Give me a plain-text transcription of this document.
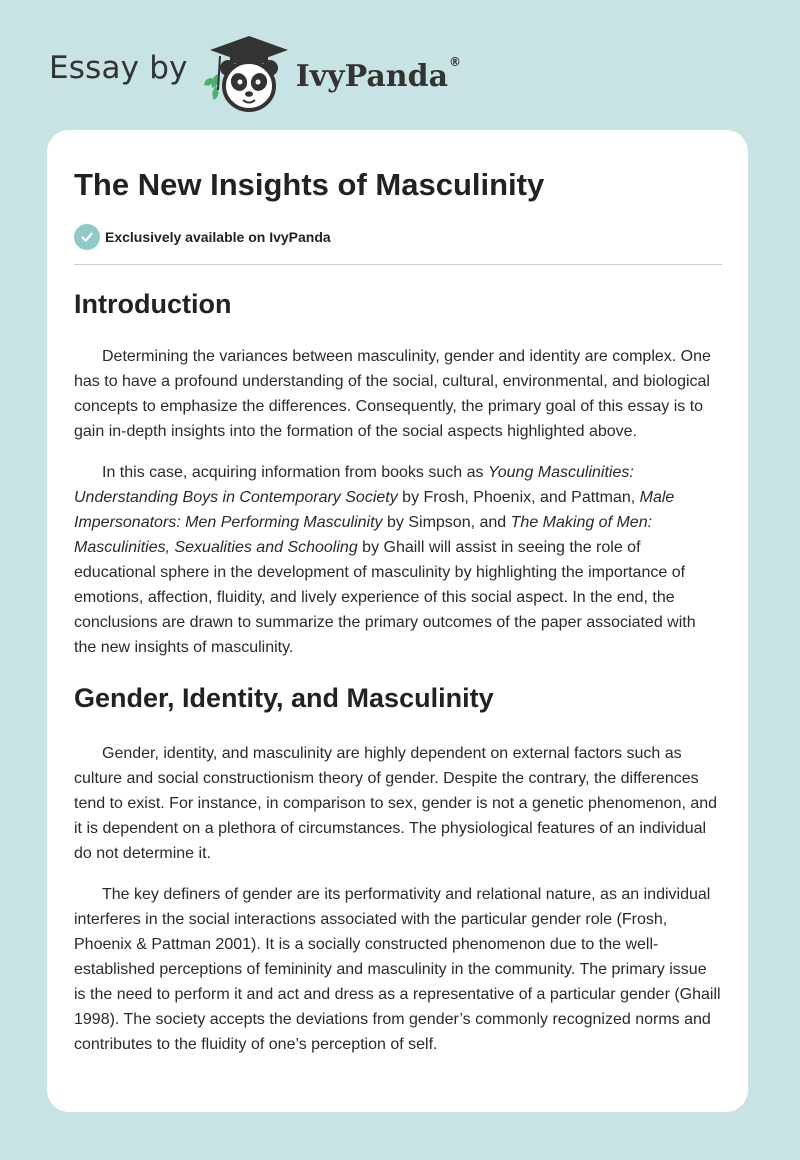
Essay by	IvyPanda ®
The New Insights of Masculinity
Exclusively available on IvyPanda
Introduction

Determining the variances between masculinity, gender and identity are complex. One has to have a profound understanding of the social, cultural, environmental, and biological concepts to emphasize the differences. Consequently, the primary goal of this essay is to gain in-depth insights into the formation of the social aspects highlighted above.

In this case, acquiring information from books such as Young Masculinities: Understanding Boys in Contemporary Society by Frosh, Phoenix, and Pattman, Male Impersonators: Men Performing Masculinity by Simpson, and The Making of Men: Masculinities, Sexualities and Schooling by Ghaill will assist in seeing the role of educational sphere in the development of masculinity by highlighting the importance of emotions, affection, fluidity, and lively experience of this social aspect. In the end, the conclusions are drawn to summarize the primary outcomes of the paper associated with the new insights of masculinity.

Gender, Identity, and Masculinity

Gender, identity, and masculinity are highly dependent on external factors such as culture and social constructionism theory of gender. Despite the contrary, the differences tend to exist. For instance, in comparison to sex, gender is not a genetic phenomenon, and it is dependent on a plethora of circumstances. The physiological features of an individual do not determine it.

The key definers of gender are its performativity and relational nature, as an individual interferes in the social interactions associated with the particular gender role (Frosh, Phoenix & Pattman 2001). It is a socially constructed phenomenon due to the well-established perceptions of femininity and masculinity in the community. The primary issue is the need to perform it and act and dress as a representative of a particular gender (Ghaill 1998). The society accepts the deviations from gender’s commonly recognized norms and contributes to the fluidity of one’s perception of self.
